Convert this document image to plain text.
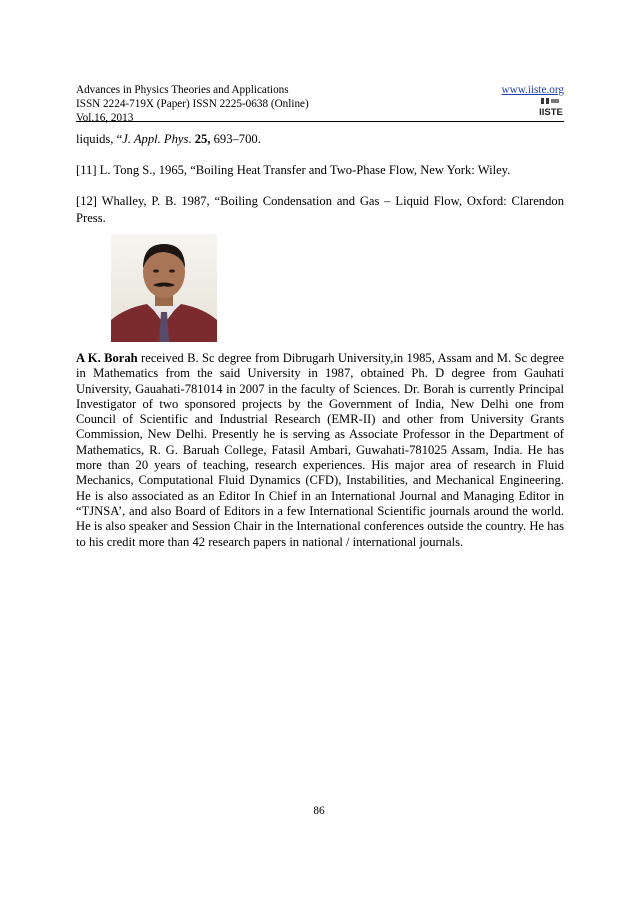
Advances in Physics Theories and Applications
ISSN 2224-719X (Paper) ISSN 2225-0638 (Online)
Vol.16, 2013
www.iiste.org
IISTE
liquids, “J. Appl. Phys. 25, 693–700.
[11] L. Tong S., 1965, “Boiling Heat Transfer and Two-Phase Flow, New York: Wiley.
[12] Whalley, P. B. 1987, “Boiling Condensation and Gas – Liquid Flow, Oxford: Clarendon Press.
A K. Borah received B. Sc degree from Dibrugarh University,in 1985, Assam and M. Sc degree in Mathematics from the said University in 1987, obtained Ph. D degree from Gauhati University, Gauahati-781014 in 2007 in the faculty of Sciences. Dr. Borah is currently Principal Investigator of two sponsored projects by the Government of India, New Delhi one from Council of Scientific and Industrial Research (EMR-II) and other from University Grants Commission, New Delhi. Presently he is serving as Associate Professor in the Department of Mathematics, R. G. Baruah College, Fatasil Ambari, Guwahati-781025 Assam, India. He has more than 20 years of teaching, research experiences. His major area of research in Fluid Mechanics, Computational Fluid Dynamics (CFD), Instabilities, and Mechanical Engineering. He is also associated as an Editor In Chief in an International Journal and Managing Editor in “TJNSA’, and also Board of Editors in a few International Scientific journals around the world. He is also speaker and Session Chair in the International conferences outside the country. He has to his credit more than 42 research papers in national / international journals.
86
